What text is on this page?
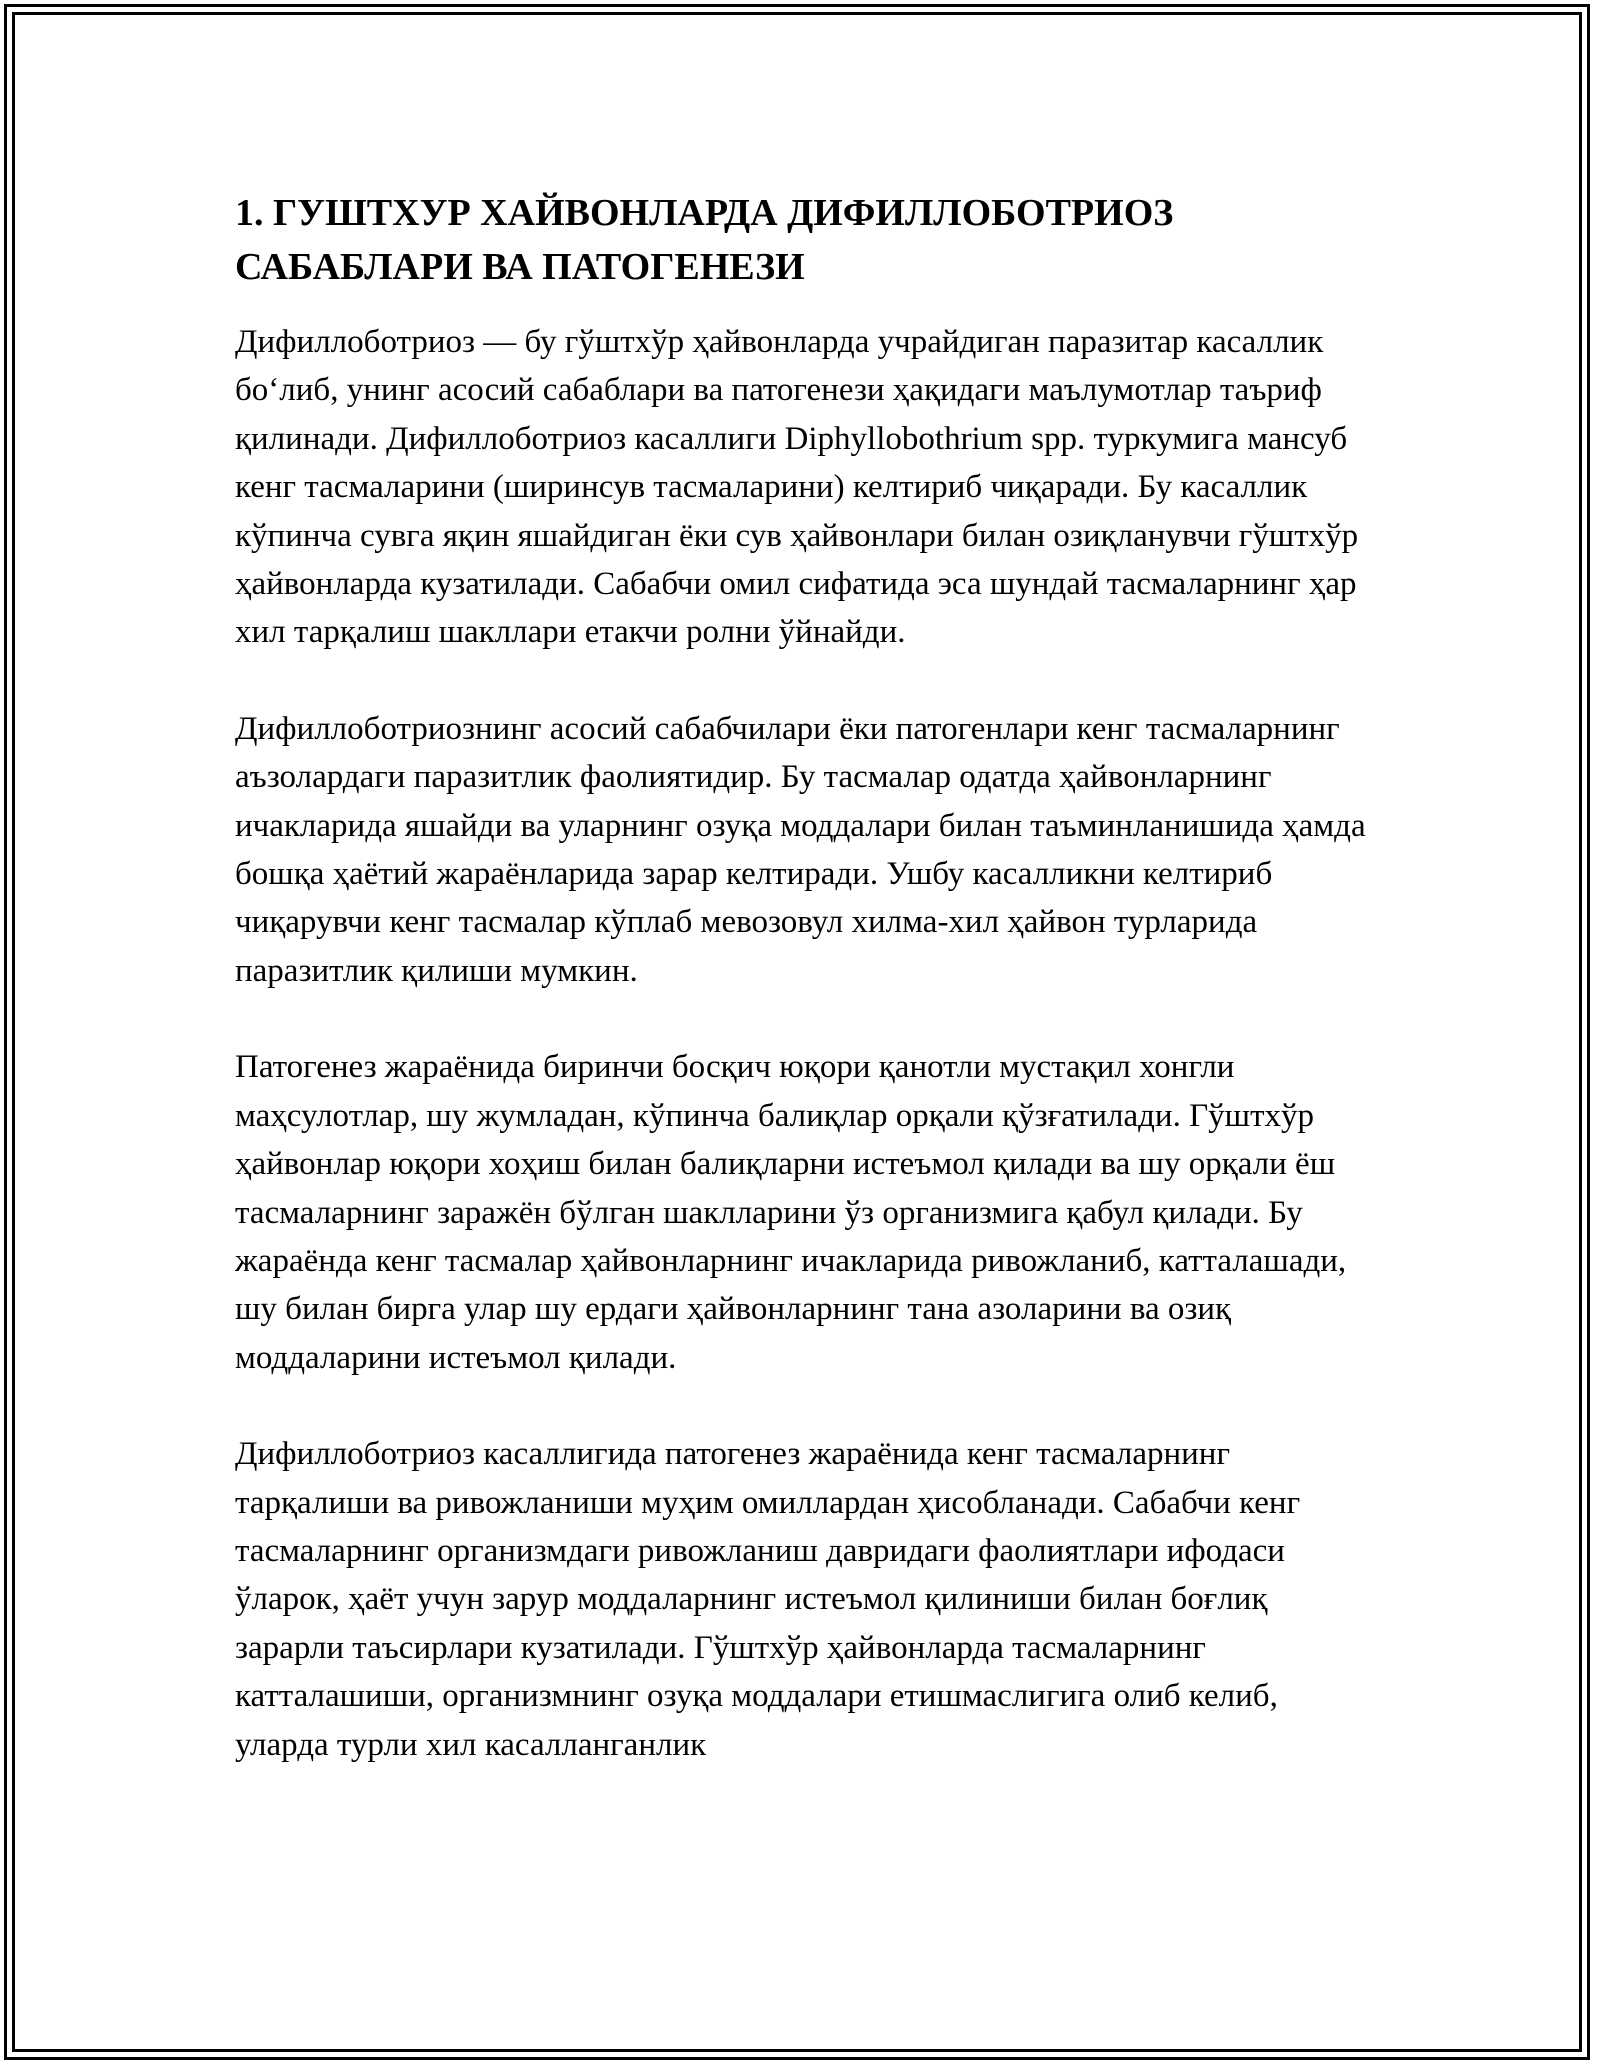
1. ГУШТХУР ХАЙВОНЛАРДА ДИФИЛЛОБОТРИОЗ
САБАБЛАРИ ВА ПАТОГЕНЕЗИ

Дифиллоботриоз — бу гўштхўр ҳайвонларда учрайдиган паразитар касаллик бо‘либ, унинг асосий сабаблари ва патогенези ҳақидаги маълумотлар таъриф қилинади. Дифиллоботриоз касаллиги Diphyllobothrium spp. туркумига мансуб кенг тасмаларини (ширинсув тасмаларини) келтириб чиқаради. Бу касаллик кўпинча сувга яқин яшайдиган ёки сув ҳайвонлари билан озиқланувчи гўштхўр ҳайвонларда кузатилади. Сабабчи омил сифатида эса шундай тасмаларнинг ҳар хил тарқалиш шакллари етакчи ролни ўйнайди.

Дифиллоботриознинг асосий сабабчилари ёки патогенлари кенг тасмаларнинг аъзолардаги паразитлик фаолиятидир. Бу тасмалар одатда ҳайвонларнинг ичакларида яшайди ва уларнинг озуқа моддалари билан таъминланишида ҳамда бошқа ҳаётий жараёнларида зарар келтиради. Ушбу касалликни келтириб чиқарувчи кенг тасмалар кўплаб мевозовул хилма-хил ҳайвон турларида паразитлик қилиши мумкин.

Патогенез жараёнида биринчи босқич юқори қанотли мустақил хонгли маҳсулотлар, шу жумладан, кўпинча балиқлар орқали қўзғатилади. Гўштхўр ҳайвонлар юқори хоҳиш билан балиқларни истеъмол қилади ва шу орқали ёш тасмаларнинг заражён бўлган шаклларини ўз организмига қабул қилади. Бу жараёнда кенг тасмалар ҳайвонларнинг ичакларида ривожланиб, катталашади, шу билан бирга улар шу ердаги ҳайвонларнинг тана азоларини ва озиқ моддаларини истеъмол қилади.

Дифиллоботриоз касаллигида патогенез жараёнида кенг тасмаларнинг тарқалиши ва ривожланиши муҳим омиллардан ҳисобланади. Сабабчи кенг тасмаларнинг организмдаги ривожланиш давридаги фаолиятлари ифодаси ўларок, ҳаёт учун зарур моддаларнинг истеъмол қилиниши билан боғлиқ зарарли таъсирлари кузатилади. Гўштхўр ҳайвонларда тасмаларнинг катталашиши, организмнинг озуқа моддалари етишмаслигига олиб келиб, уларда турли хил касалланганлик
